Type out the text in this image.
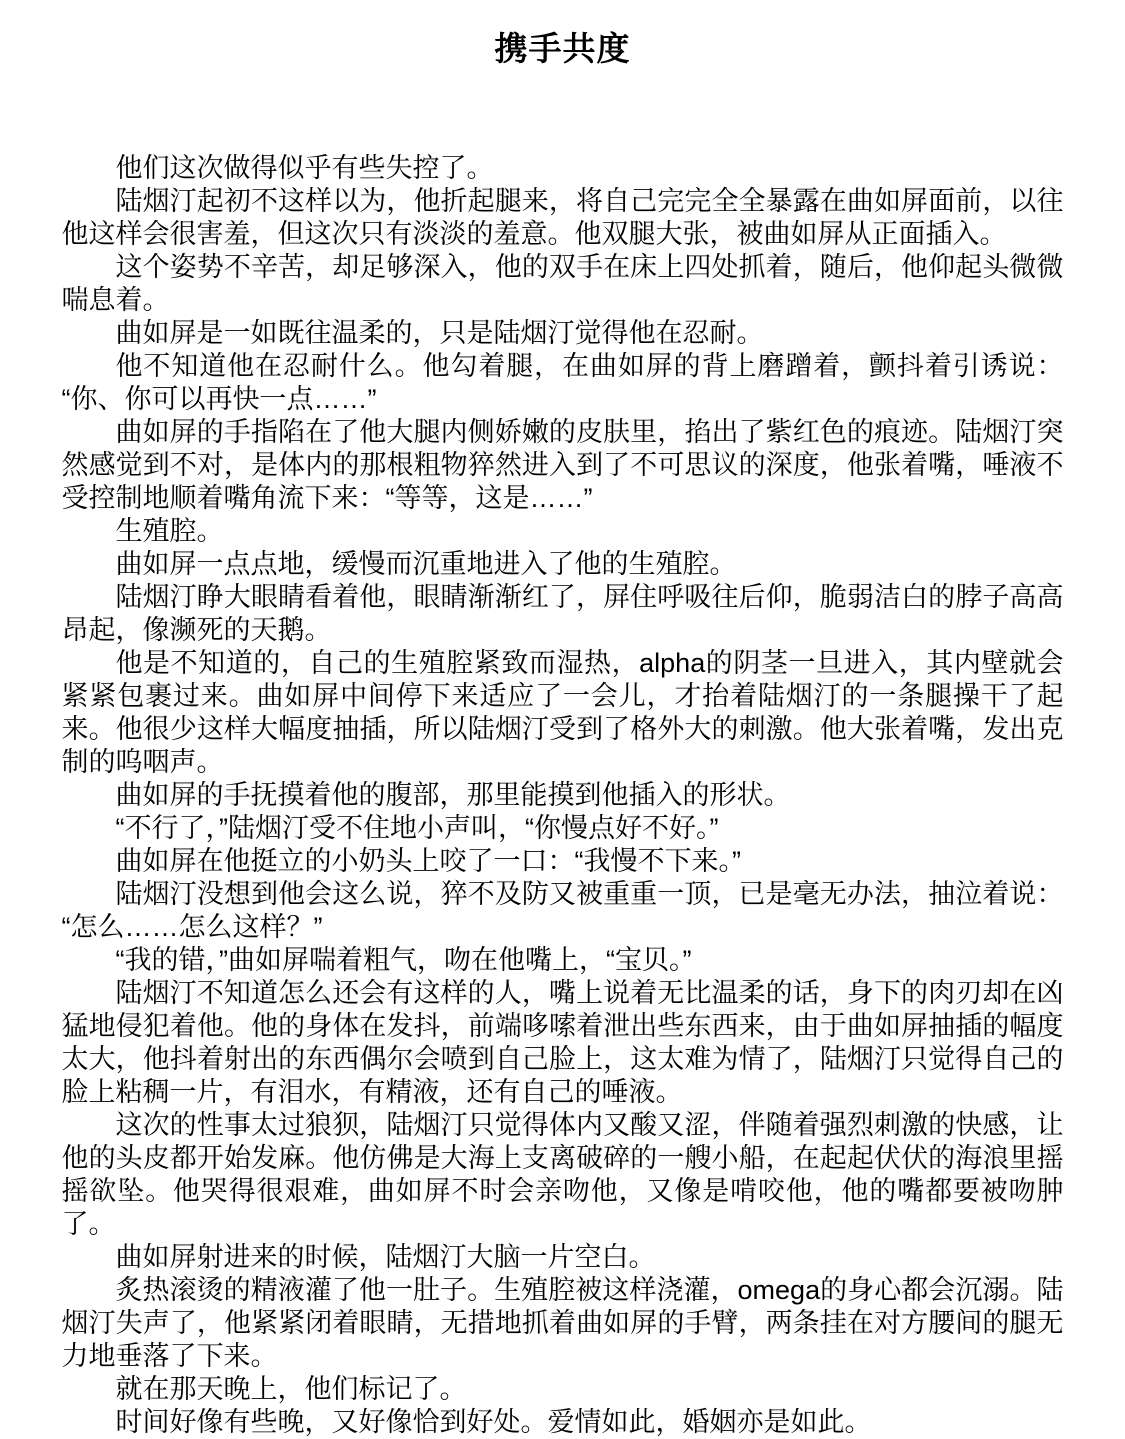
携手共度

他们这次做得似乎有些失控了。

陆烟汀起初不这样以为，他折起腿来，将自己完完全全暴露在曲如屏面前，以往他这样会很害羞，但这次只有淡淡的羞意。他双腿大张，被曲如屏从正面插入。

这个姿势不辛苦，却足够深入，他的双手在床上四处抓着，随后，他仰起头微微喘息着。

曲如屏是一如既往温柔的，只是陆烟汀觉得他在忍耐。

他不知道他在忍耐什么。他勾着腿，在曲如屏的背上磨蹭着，颤抖着引诱说：“你、你可以再快一点……”

曲如屏的手指陷在了他大腿内侧娇嫩的皮肤里，掐出了紫红色的痕迹。陆烟汀突然感觉到不对，是体内的那根粗物猝然进入到了不可思议的深度，他张着嘴，唾液不受控制地顺着嘴角流下来：“等等，这是……”

生殖腔。

曲如屏一点点地，缓慢而沉重地进入了他的生殖腔。

陆烟汀睁大眼睛看着他，眼睛渐渐红了，屏住呼吸往后仰，脆弱洁白的脖子高高昂起，像濒死的天鹅。

他是不知道的，自己的生殖腔紧致而湿热，alpha的阴茎一旦进入，其内壁就会紧紧包裹过来。曲如屏中间停下来适应了一会儿，才抬着陆烟汀的一条腿操干了起来。他很少这样大幅度抽插，所以陆烟汀受到了格外大的刺激。他大张着嘴，发出克制的呜咽声。

曲如屏的手抚摸着他的腹部，那里能摸到他插入的形状。

“不行了，”陆烟汀受不住地小声叫，“你慢点好不好。”

曲如屏在他挺立的小奶头上咬了一口：“我慢不下来。”

陆烟汀没想到他会这么说，猝不及防又被重重一顶，已是毫无办法，抽泣着说：“怎么……怎么这样？”

“我的错，”曲如屏喘着粗气，吻在他嘴上，“宝贝。”

陆烟汀不知道怎么还会有这样的人，嘴上说着无比温柔的话，身下的肉刃却在凶猛地侵犯着他。他的身体在发抖，前端哆嗦着泄出些东西来，由于曲如屏抽插的幅度太大，他抖着射出的东西偶尔会喷到自己脸上，这太难为情了，陆烟汀只觉得自己的脸上粘稠一片，有泪水，有精液，还有自己的唾液。

这次的性事太过狼狈，陆烟汀只觉得体内又酸又涩，伴随着强烈刺激的快感，让他的头皮都开始发麻。他仿佛是大海上支离破碎的一艘小船，在起起伏伏的海浪里摇摇欲坠。他哭得很艰难，曲如屏不时会亲吻他，又像是啃咬他，他的嘴都要被吻肿了。

曲如屏射进来的时候，陆烟汀大脑一片空白。

炙热滚烫的精液灌了他一肚子。生殖腔被这样浇灌，omega的身心都会沉溺。陆烟汀失声了，他紧紧闭着眼睛，无措地抓着曲如屏的手臂，两条挂在对方腰间的腿无力地垂落了下来。

就在那天晚上，他们标记了。

时间好像有些晚，又好像恰到好处。爱情如此，婚姻亦是如此。
